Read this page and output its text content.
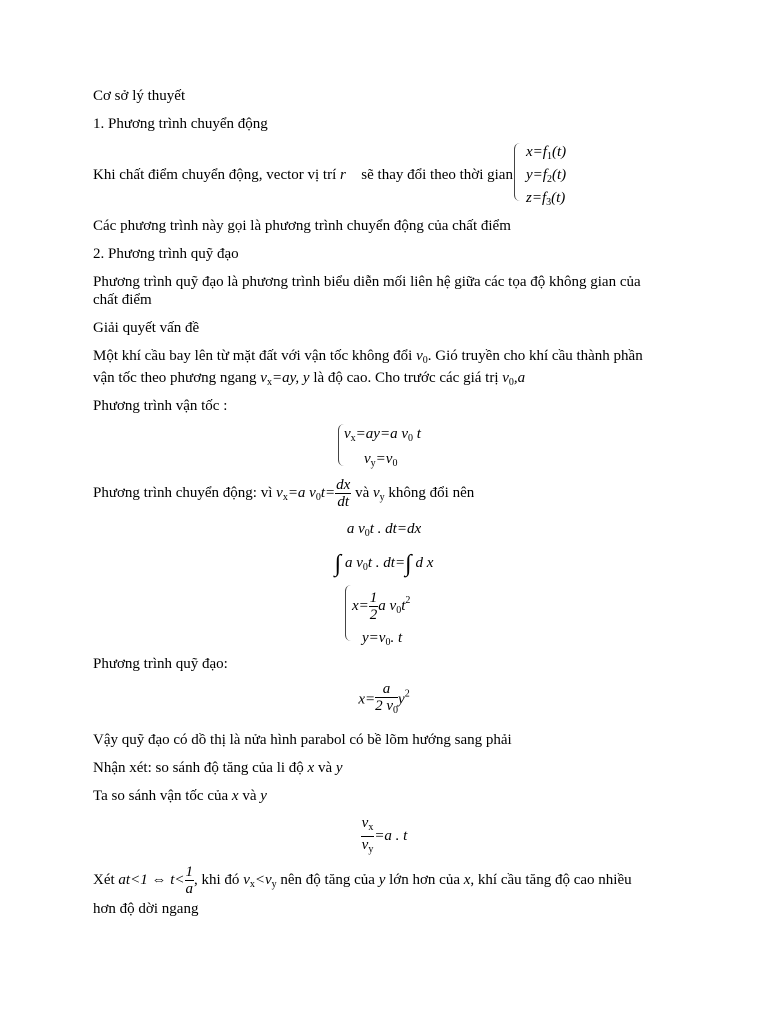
Cơ sở lý thuyết
1. Phương trình chuyển động
Khi chất điểm chuyển động, vector vị trí r⃗ sẽ thay đổi theo thời gian
$x=f_1(t)$
$y=f_2(t)$
$z=f_3(t)$
Các phương trình này gọi là phương trình chuyển động của chất điểm
2. Phương trình quỹ đạo
Phương trình quỹ đạo là phương trình biểu diễn mối liên hệ giữa các tọa độ không gian của
chất điểm
Giải quyết vấn đề
Một khí cầu bay lên từ mặt đất với vận tốc không đổi $v_0$. Gió truyền cho khí cầu thành phần
vận tốc theo phương ngang $v_x=ay$, y là độ cao. Cho trước các giá trị $v_0,a$
Phương trình vận tốc :
$v_x=ay=a$ $v_0$ t
$v_y=v_0$
Phương trình chuyển động: vì $v_x=a$ $v_0t= \frac{dx}{dt}$ và $v_y$ không đổi nên
a $v_0t$ . dt=dx
∫ a $v_0t$ . dt=∫ d x
$x= \frac{1}{2}$ a $v_0t^2$
$y=v_0$. t
Phương trình quỹ đạo:
$x= \frac{a}{2 v_0} y^2$
Vậy quỹ đạo có dồ thị là nửa hình parabol có bề lõm hướng sang phải
Nhận xét: so sánh độ tăng của li độ x và y
Ta so sánh vận tốc của x và y
$\frac{v_x}{v_y} =a$ . t
Xét at<1 ⇔ $t< \frac{1}{a}$ , khi đó $v_x<v_y$ nên độ tăng của y lớn hơn của x, khí cầu tăng độ cao nhiều
hơn độ dời ngang
